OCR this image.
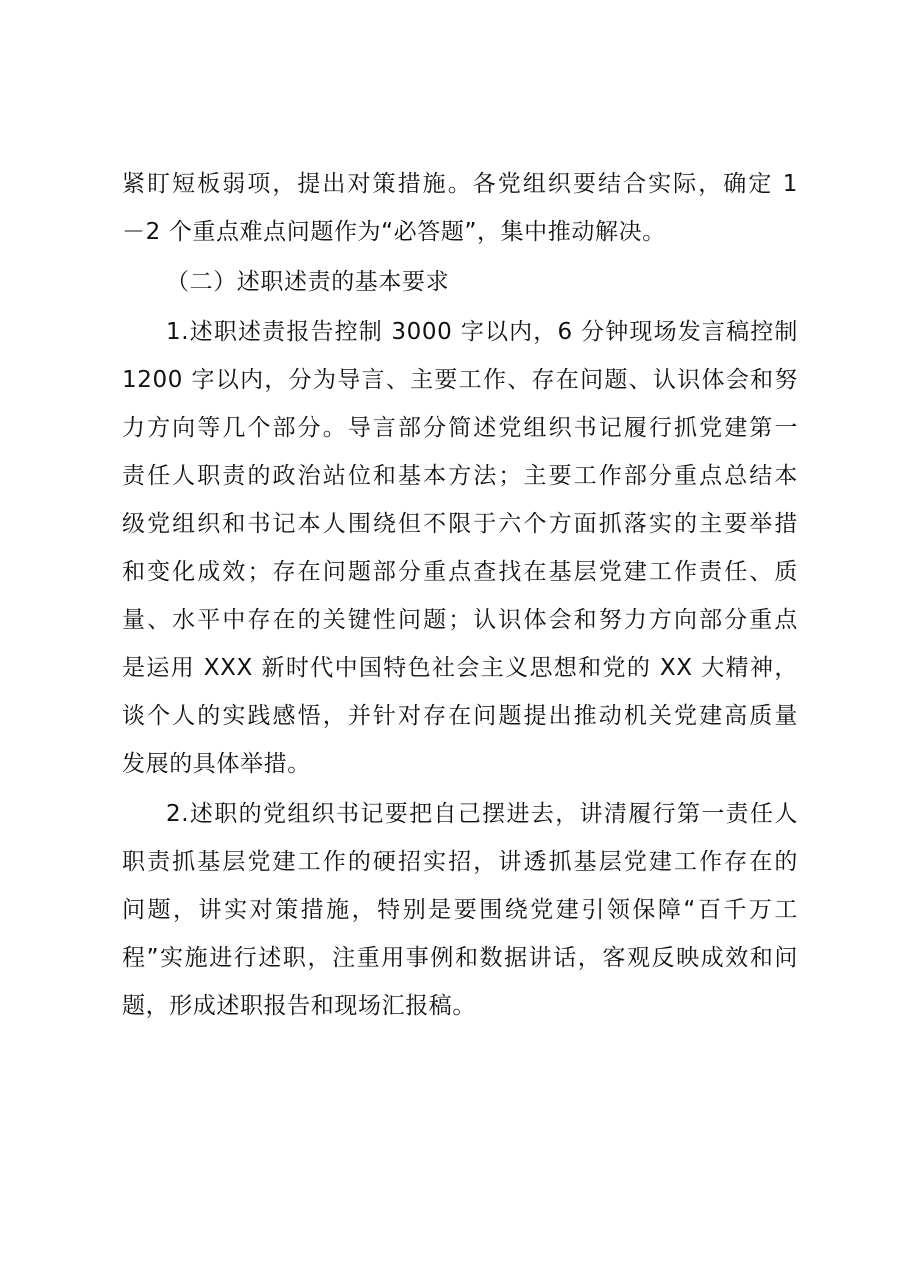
紧盯短板弱项，提出对策措施。各党组织要结合实际，确定 1
－2 个重点难点问题作为“必答题”，集中推动解决。
（二）述职述责的基本要求
1.述职述责报告控制 3000 字以内，6 分钟现场发言稿控制
1200 字以内，分为导言、主要工作、存在问题、认识体会和努
力方向等几个部分。导言部分简述党组织书记履行抓党建第一
责任人职责的政治站位和基本方法；主要工作部分重点总结本
级党组织和书记本人围绕但不限于六个方面抓落实的主要举措
和变化成效；存在问题部分重点查找在基层党建工作责任、质
量、水平中存在的关键性问题；认识体会和努力方向部分重点
是运用 XXX 新时代中国特色社会主义思想和党的 XX 大精神，
谈个人的实践感悟，并针对存在问题提出推动机关党建高质量
发展的具体举措。
2.述职的党组织书记要把自己摆进去，讲清履行第一责任人
职责抓基层党建工作的硬招实招，讲透抓基层党建工作存在的
问题，讲实对策措施，特别是要围绕党建引领保障“百千万工
程”实施进行述职，注重用事例和数据讲话，客观反映成效和问
题，形成述职报告和现场汇报稿。
